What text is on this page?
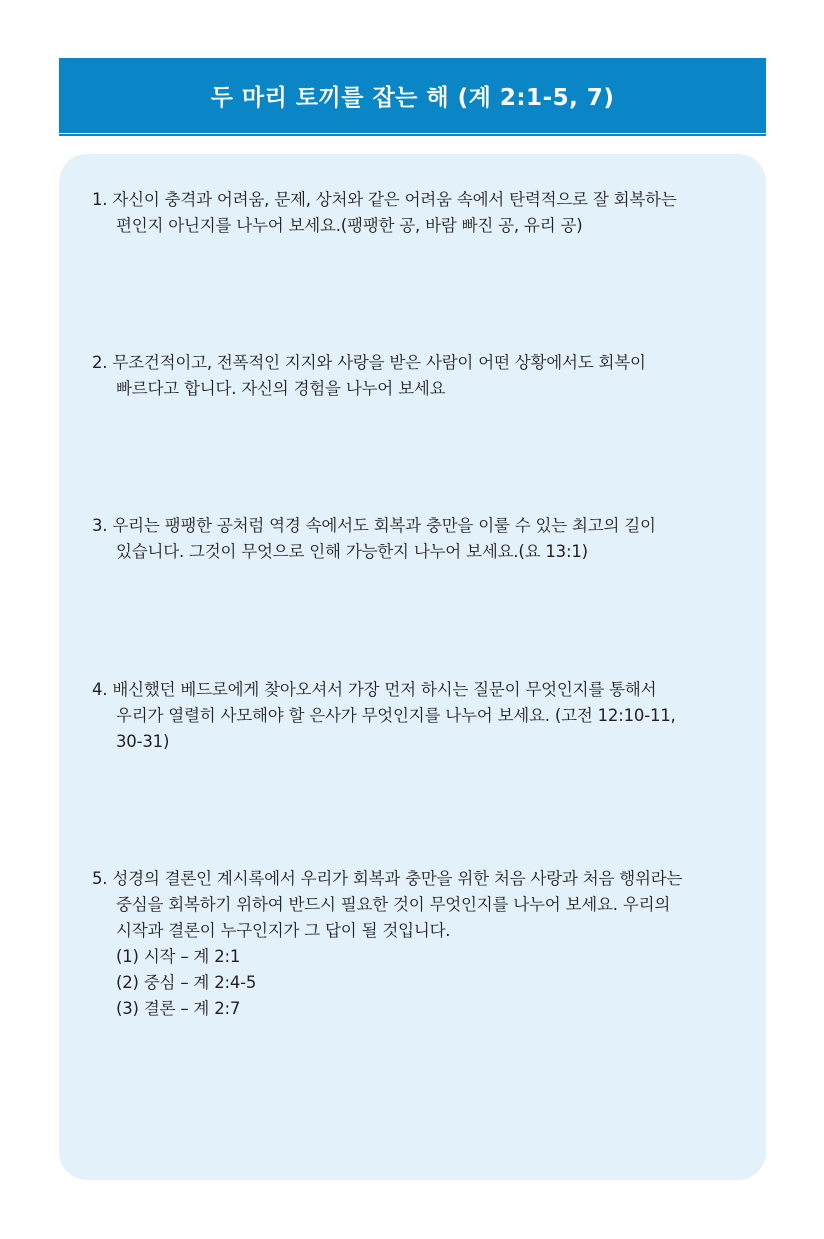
두 마리 토끼를 잡는 해 (계 2:1-5, 7)
1. 자신이 충격과 어려움, 문제, 상처와 같은 어려움 속에서 탄력적으로 잘 회복하는
편인지 아닌지를 나누어 보세요.(팽팽한 공, 바람 빠진 공, 유리 공)
2. 무조건적이고, 전폭적인 지지와 사랑을 받은 사람이 어떤 상황에서도 회복이
빠르다고 합니다. 자신의 경험을 나누어 보세요
3. 우리는 팽팽한 공처럼 역경 속에서도 회복과 충만을 이룰 수 있는 최고의 길이
있습니다. 그것이 무엇으로 인해 가능한지 나누어 보세요.(요 13:1)
4. 배신했던 베드로에게 찾아오셔서 가장 먼저 하시는 질문이 무엇인지를 통해서
우리가 열렬히 사모해야 할 은사가 무엇인지를 나누어 보세요. (고전 12:10-11,
30-31)
5. 성경의 결론인 계시록에서 우리가 회복과 충만을 위한 처음 사랑과 처음 행위라는
중심을 회복하기 위하여 반드시 필요한 것이 무엇인지를 나누어 보세요. 우리의
시작과 결론이 누구인지가 그 답이 될 것입니다.
(1) 시작 – 계 2:1
(2) 중심 – 계 2:4-5
(3) 결론 – 계 2:7
